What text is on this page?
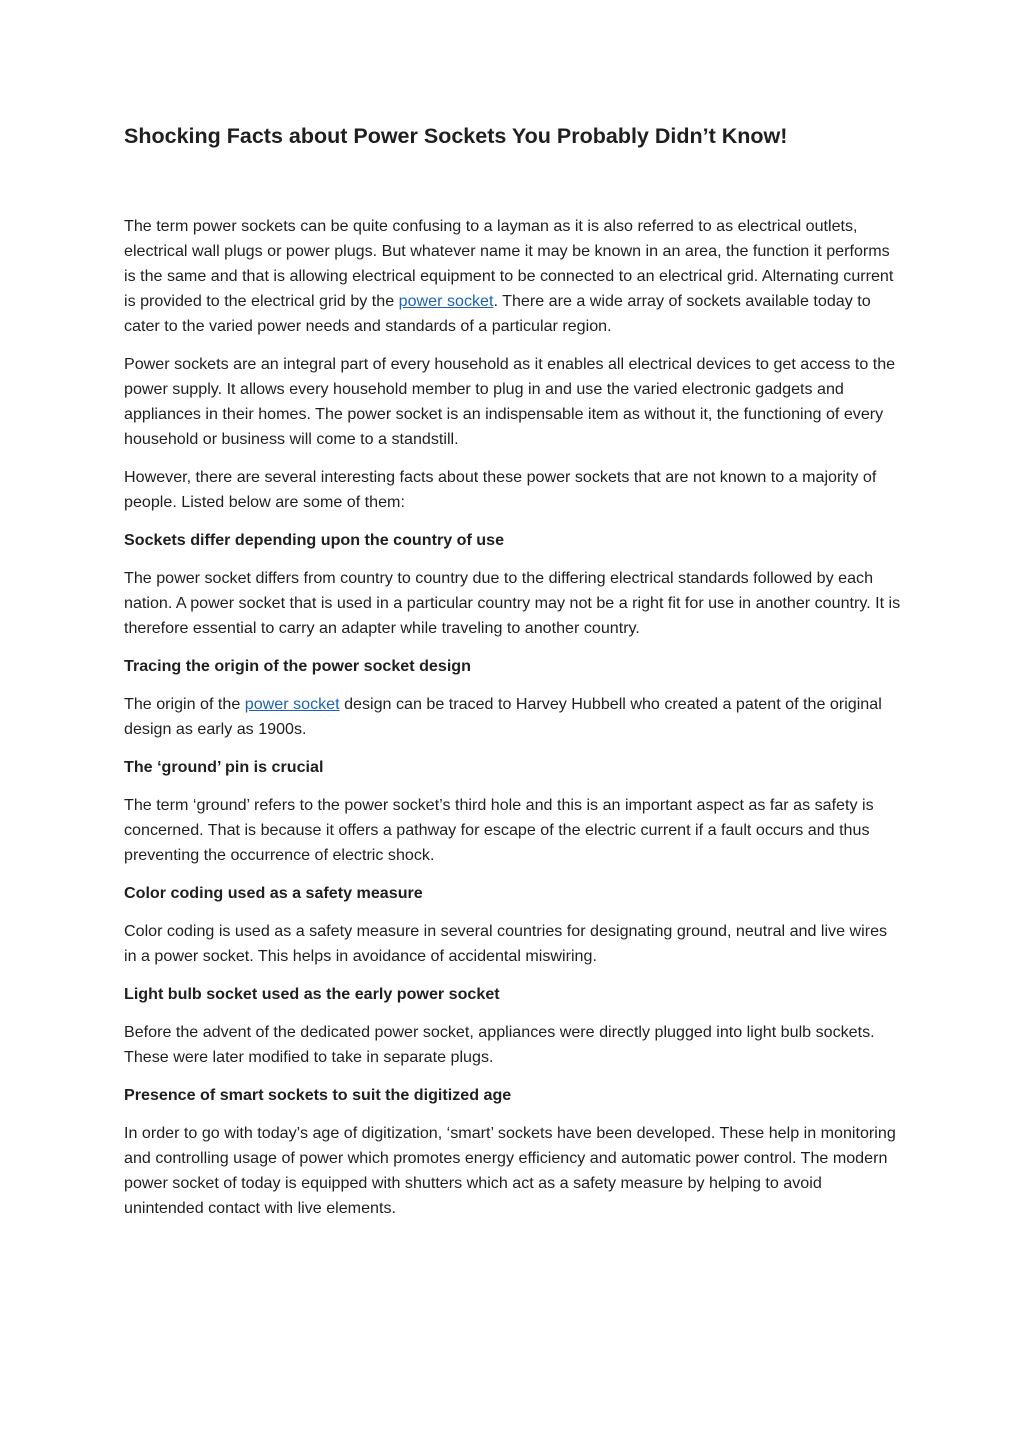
Shocking Facts about Power Sockets You Probably Didn’t Know!

The term power sockets can be quite confusing to a layman as it is also referred to as electrical outlets, electrical wall plugs or power plugs. But whatever name it may be known in an area, the function it performs is the same and that is allowing electrical equipment to be connected to an electrical grid. Alternating current is provided to the electrical grid by the power socket. There are a wide array of sockets available today to cater to the varied power needs and standards of a particular region.

Power sockets are an integral part of every household as it enables all electrical devices to get access to the power supply. It allows every household member to plug in and use the varied electronic gadgets and appliances in their homes. The power socket is an indispensable item as without it, the functioning of every household or business will come to a standstill.

However, there are several interesting facts about these power sockets that are not known to a majority of people. Listed below are some of them:

Sockets differ depending upon the country of use

The power socket differs from country to country due to the differing electrical standards followed by each nation. A power socket that is used in a particular country may not be a right fit for use in another country. It is therefore essential to carry an adapter while traveling to another country.

Tracing the origin of the power socket design

The origin of the power socket design can be traced to Harvey Hubbell who created a patent of the original design as early as 1900s.

The ‘ground’ pin is crucial

The term ‘ground’ refers to the power socket’s third hole and this is an important aspect as far as safety is concerned. That is because it offers a pathway for escape of the electric current if a fault occurs and thus preventing the occurrence of electric shock.

Color coding used as a safety measure

Color coding is used as a safety measure in several countries for designating ground, neutral and live wires in a power socket. This helps in avoidance of accidental miswiring.

Light bulb socket used as the early power socket

Before the advent of the dedicated power socket, appliances were directly plugged into light bulb sockets. These were later modified to take in separate plugs.

Presence of smart sockets to suit the digitized age

In order to go with today’s age of digitization, ‘smart’ sockets have been developed. These help in monitoring and controlling usage of power which promotes energy efficiency and automatic power control. The modern power socket of today is equipped with shutters which act as a safety measure by helping to avoid unintended contact with live elements.
